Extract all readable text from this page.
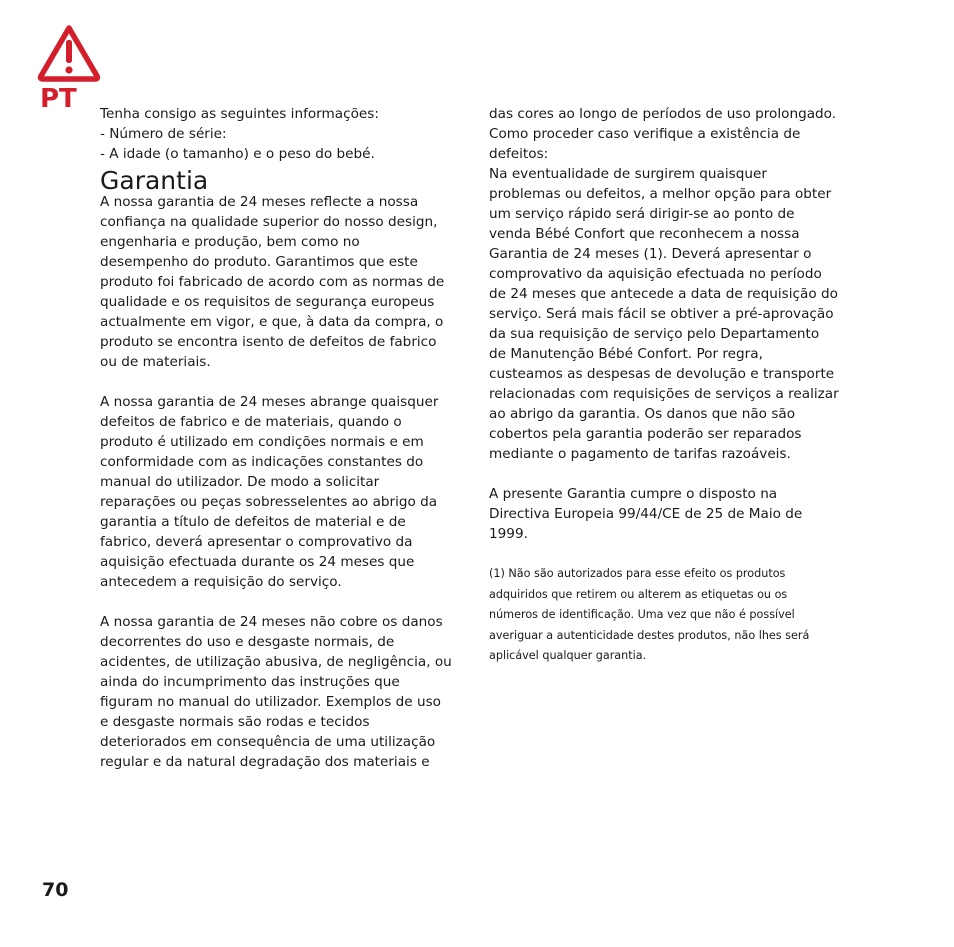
PT Tenha consigo as seguintes informações:
- Número de série:
- A idade (o tamanho) e o peso do bebé.
Garantia
A nossa garantia de 24 meses reflecte a nossa
confiança na qualidade superior do nosso design,
engenharia e produção, bem como no
desempenho do produto. Garantimos que este
produto foi fabricado de acordo com as normas de
qualidade e os requisitos de segurança europeus
actualmente em vigor, e que, à data da compra, o
produto se encontra isento de defeitos de fabrico
ou de materiais.
A nossa garantia de 24 meses abrange quaisquer
defeitos de fabrico e de materiais, quando o
produto é utilizado em condições normais e em
conformidade com as indicações constantes do
manual do utilizador. De modo a solicitar
reparações ou peças sobresselentes ao abrigo da
garantia a título de defeitos de material e de
fabrico, deverá apresentar o comprovativo da
aquisição efectuada durante os 24 meses que
antecedem a requisição do serviço.
A nossa garantia de 24 meses não cobre os danos
decorrentes do uso e desgaste normais, de
acidentes, de utilização abusiva, de negligência, ou
ainda do incumprimento das instruções que
figuram no manual do utilizador. Exemplos de uso
e desgaste normais são rodas e tecidos
deteriorados em consequência de uma utilização
regular e da natural degradação dos materiais e
das cores ao longo de períodos de uso prolongado.
Como proceder caso verifique a existência de
defeitos:
Na eventualidade de surgirem quaisquer
problemas ou defeitos, a melhor opção para obter
um serviço rápido será dirigir-se ao ponto de
venda Bébé Confort que reconhecem a nossa
Garantia de 24 meses (1). Deverá apresentar o
comprovativo da aquisição efectuada no período
de 24 meses que antecede a data de requisição do
serviço. Será mais fácil se obtiver a pré-aprovação
da sua requisição de serviço pelo Departamento
de Manutenção Bébé Confort. Por regra,
custeamos as despesas de devolução e transporte
relacionadas com requisições de serviços a realizar
ao abrigo da garantia. Os danos que não são
cobertos pela garantia poderão ser reparados
mediante o pagamento de tarifas razoáveis.
A presente Garantia cumpre o disposto na
Directiva Europeia 99/44/CE de 25 de Maio de
1999.
(1) Não são autorizados para esse efeito os produtos
adquiridos que retirem ou alterem as etiquetas ou os
números de identificação. Uma vez que não é possível
averiguar a autenticidade destes produtos, não lhes será
aplicável qualquer garantia.
70
